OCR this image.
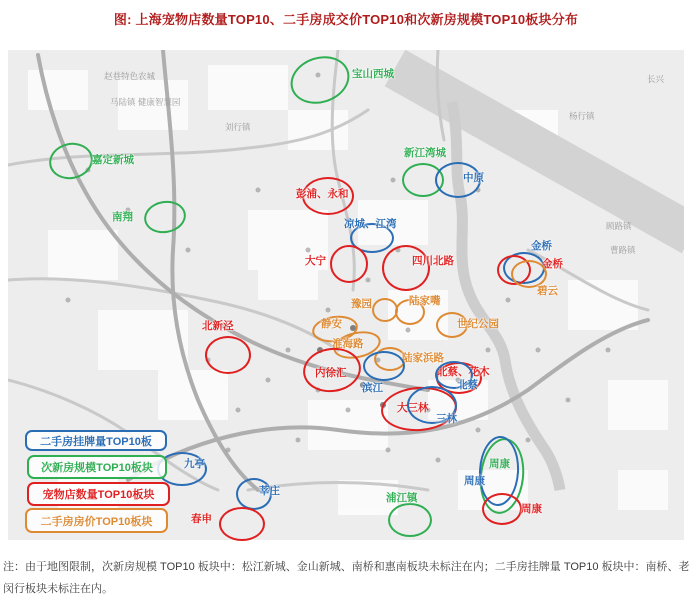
图: 上海宠物店数量TOP10、二手房成交价TOP10和次新房规模TOP10板块分布
宝山西城
嘉定新城
南翔
彭浦、永和
新江湾城
中原
凉城、江湾
大宁	四川北路
金桥
金桥
碧云
豫园	陆家嘴
静安	世纪公园
淮海路
北新泾
陆家浜路
内徐汇
滨江
北蔡、花木
北蔡
大三林
三林
九亭
莘庄
春申
浦江镇
周康
周康
周康
赵巷特色农城
马陆镇 健康智慧园
刘行镇
杨行镇
长兴
顾路镇
曹路镇
二手房挂牌量TOP10板
次新房规模TOP10板块
宠物店数量TOP10板块
二手房房价TOP10板块
注：由于地图限制，次新房规模 TOP10 板块中：松江新城、金山新城、南桥和惠南板块未标注在内；二手房挂牌量 TOP10 板块中：南桥、老闵行板块未标注在内。
